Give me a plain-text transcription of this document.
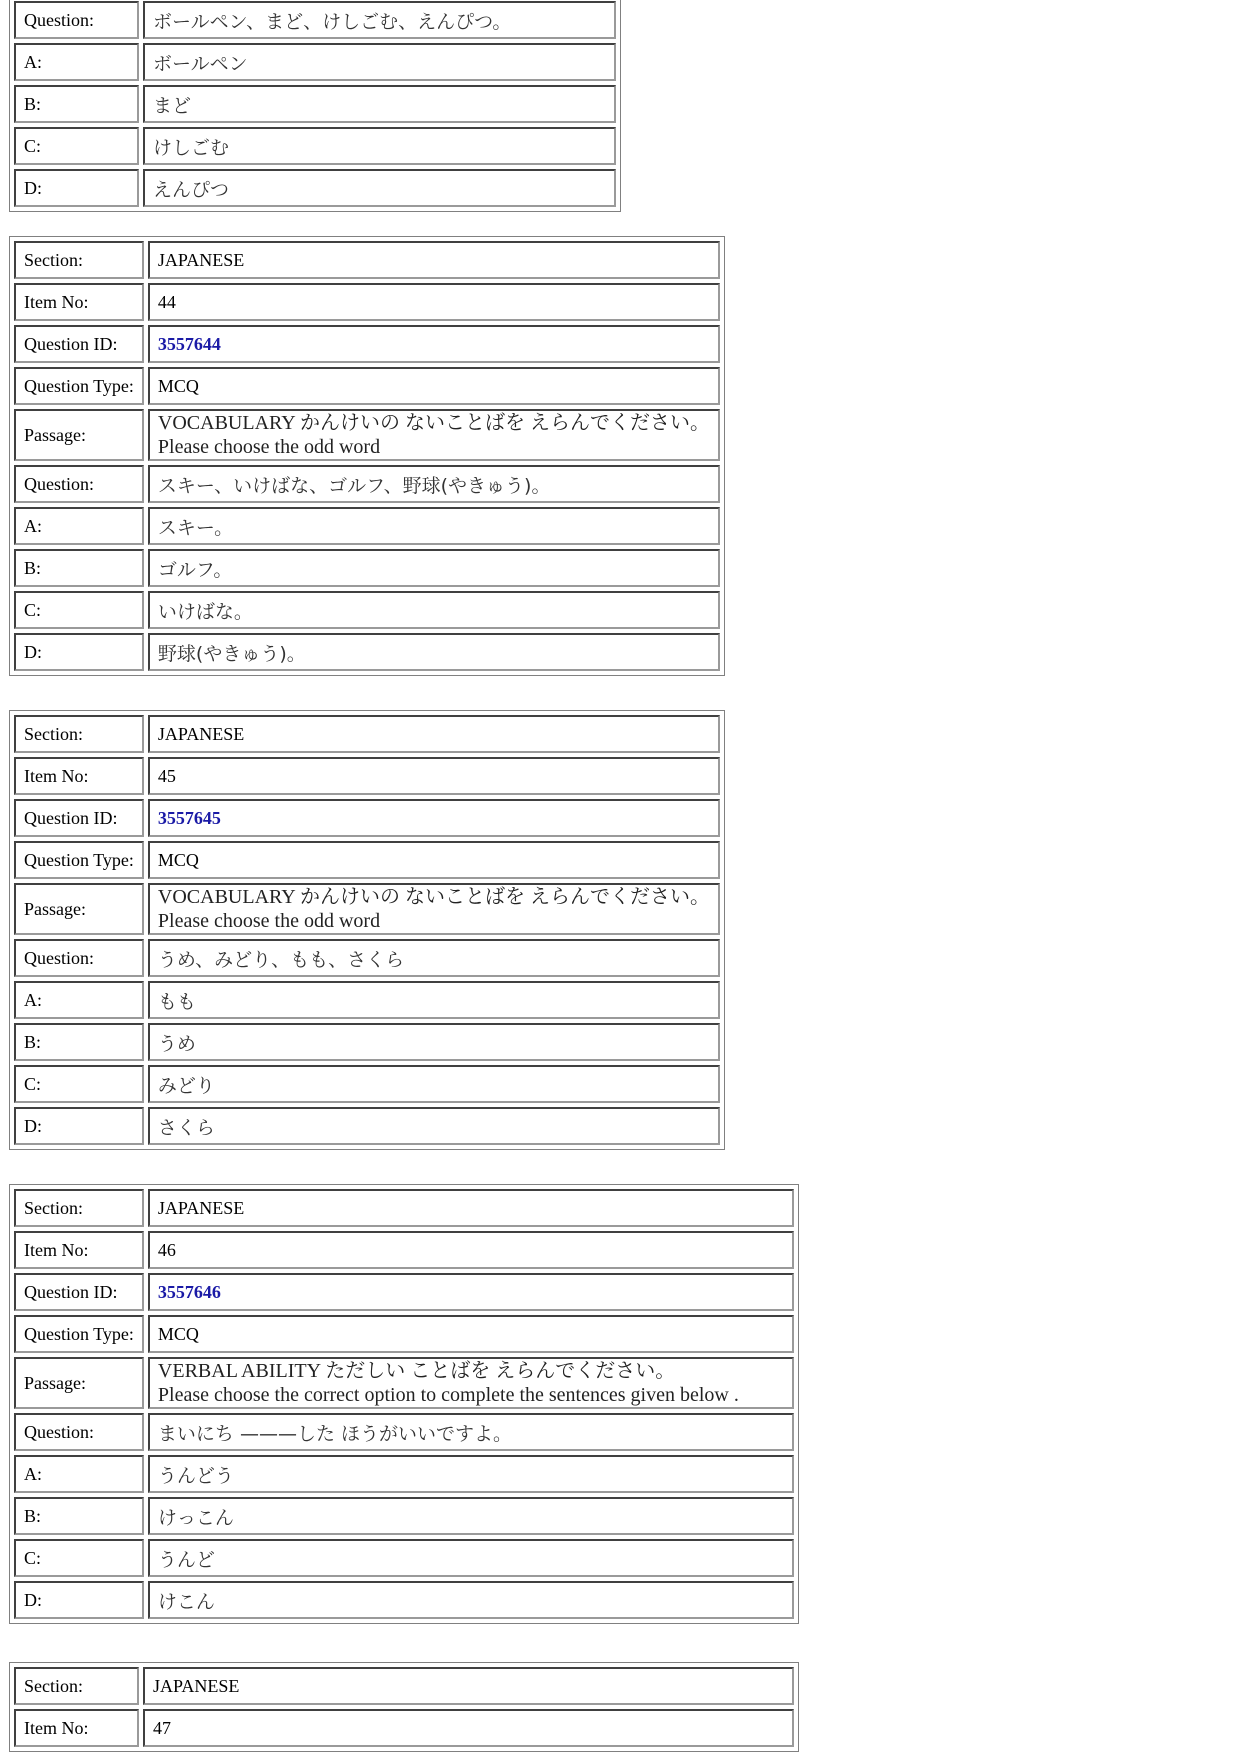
Question:	ボールペン、まど、けしごむ、えんぴつ。
A:	ボールペン
B:	まど
C:	けしごむ
D:	えんぴつ
Section:	JAPANESE
Item No:	44
Question ID:	3557644
Question Type:	MCQ
Passage:	VOCABULARY かんけいの ないことばを えらんでください。
Please choose the odd word

Question:	スキー、いけばな、ゴルフ、野球(やきゅう)。
A:	スキー。
B:	ゴルフ。
C:	いけばな。
D:	野球(やきゅう)。
Section:	JAPANESE
Item No:	45
Question ID:	3557645
Question Type:	MCQ
Passage:	VOCABULARY かんけいの ないことばを えらんでください。
Please choose the odd word

Question:	うめ、みどり、もも、さくら
A:	もも
B:	うめ
C:	みどり
D:	さくら
Section:	JAPANESE
Item No:	46
Question ID:	3557646
Question Type:	MCQ
Passage:	VERBAL ABILITY ただしい ことばを えらんでください。
Please choose the correct option to complete the sentences given below .

Question:	まいにち ———した ほうがいいですよ。
A:	うんどう
B:	けっこん
C:	うんど
D:	けこん
Section:	JAPANESE
Item No:	47
